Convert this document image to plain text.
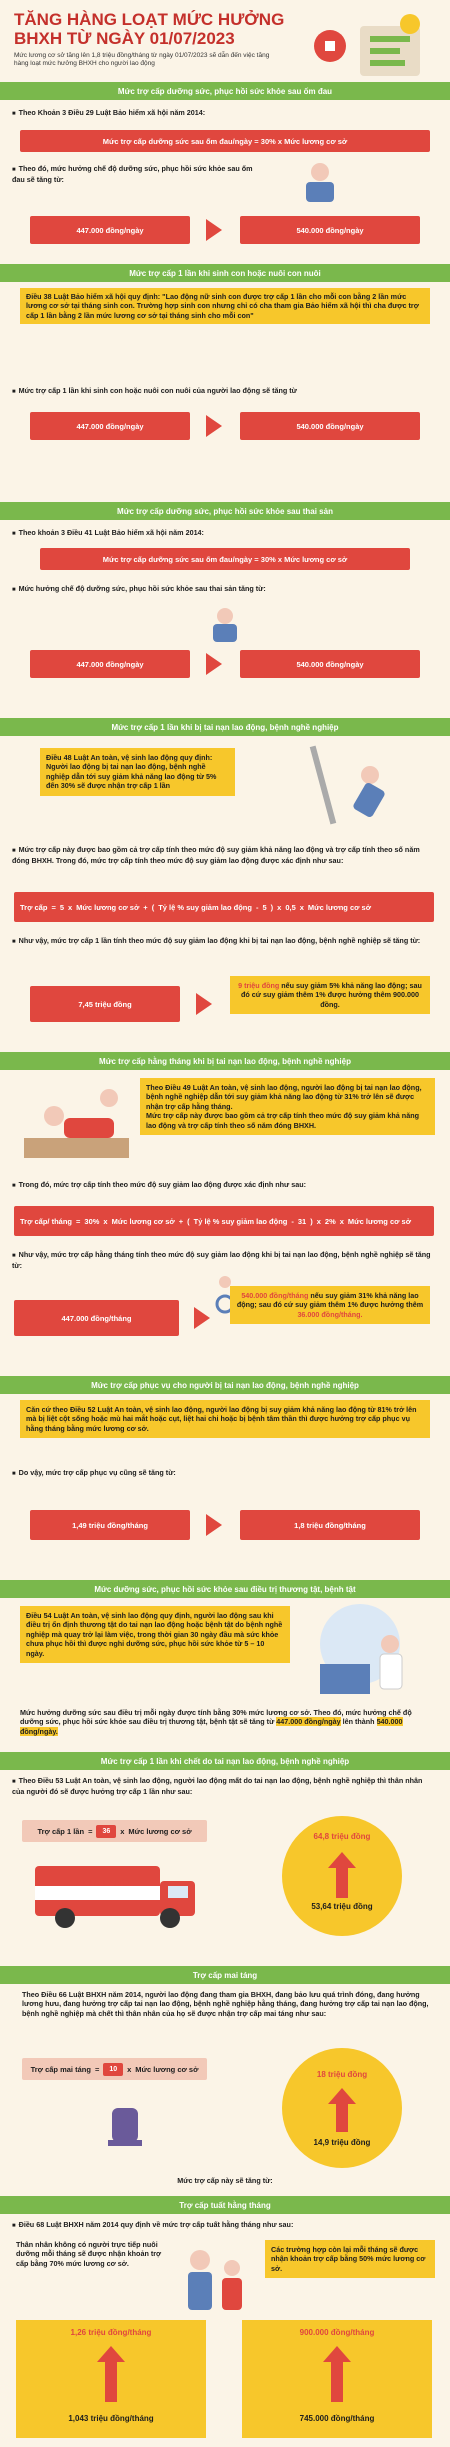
TĂNG HÀNG LOẠT MỨC HƯỞNG BHXH TỪ NGÀY 01/07/2023
Mức lương cơ sở tăng lên 1,8 triệu đồng/tháng từ ngày 01/07/2023 sẽ dẫn đến việc tăng hàng loạt mức hưởng BHXH cho người lao động
Mức trợ cấp dưỡng sức, phục hồi sức khỏe sau ốm đau
■ Theo Khoản 3 Điều 29 Luật Bảo hiểm xã hội năm 2014:
Mức trợ cấp dưỡng sức sau ốm đau/ngày = 30% x Mức lương cơ sở
■ Theo đó, mức hưởng chế độ dưỡng sức, phục hồi sức khỏe sau ốm đau sẽ tăng từ:
447.000 đồng/ngày	540.000 đồng/ngày
Mức trợ cấp 1 lần khi sinh con hoặc nuôi con nuôi
Điều 38 Luật Bảo hiểm xã hội quy định: "Lao động nữ sinh con được trợ cấp 1 lần cho mỗi con bằng 2 lần mức lương cơ sở tại tháng sinh con. Trường hợp sinh con nhưng chỉ có cha tham gia Bảo hiểm xã hội thì cha được trợ cấp 1 lần bằng 2 lần mức lương cơ sở tại tháng sinh cho mỗi con"
■ Mức trợ cấp 1 lần khi sinh con hoặc nuôi con nuôi của người lao động sẽ tăng từ
447.000 đồng/ngày	540.000 đồng/ngày
Mức trợ cấp dưỡng sức, phục hồi sức khỏe sau thai sản
■ Theo khoản 3 Điều 41 Luật Bảo hiểm xã hội năm 2014:
Mức trợ cấp dưỡng sức sau ốm đau/ngày = 30% x Mức lương cơ sở
■ Mức hưởng chế độ dưỡng sức, phục hồi sức khỏe sau thai sản tăng từ:
447.000 đồng/ngày	540.000 đồng/ngày
Mức trợ cấp 1 lần khi bị tai nạn lao động, bệnh nghề nghiệp
Điều 48 Luật An toàn, vệ sinh lao động quy định: Người lao động bị tai nạn lao động, bệnh nghề nghiệp dẫn tới suy giảm khả năng lao động từ 5% đến 30% sẽ được nhận trợ cấp 1 lần
■ Mức trợ cấp này được bao gồm cả trợ cấp tính theo mức độ suy giảm khả năng lao động và trợ cấp tính theo số năm đóng BHXH. Trong đó, mức trợ cấp tính theo mức độ suy giảm lao động được xác định như sau:
Trợ cấp = 5 x Mức lương cơ sở + ( Tỷ lệ % suy giảm lao động - 5 ) x 0,5 x Mức lương cơ sở
■ Như vậy, mức trợ cấp 1 lần tính theo mức độ suy giảm lao động khi bị tai nạn lao động, bệnh nghề nghiệp sẽ tăng từ:
7,45 triệu đồng
9 triệu đồng nếu suy giảm 5% khả năng lao động; sau đó cứ suy giảm thêm 1% được hưởng thêm 900.000 đồng.
Mức trợ cấp hằng tháng khi bị tai nạn lao động, bệnh nghề nghiệp
Theo Điều 49 Luật An toàn, vệ sinh lao động, người lao động bị tai nạn lao động, bệnh nghề nghiệp dẫn tới suy giảm khả năng lao động từ 31% trở lên sẽ được nhận trợ cấp hằng tháng.
Mức trợ cấp này được bao gồm cả trợ cấp tính theo mức độ suy giảm khả năng lao động và trợ cấp tính theo số năm đóng BHXH.
■ Trong đó, mức trợ cấp tính theo mức độ suy giảm lao động được xác định như sau:
Trợ cấp/ tháng = 30% x Mức lương cơ sở + ( Tỷ lệ % suy giảm lao động - 31 ) x 2% x Mức lương cơ sở
■ Như vậy, mức trợ cấp hằng tháng tính theo mức độ suy giảm lao động khi bị tai nạn lao động, bệnh nghề nghiệp sẽ tăng từ:
447.000 đồng/tháng
540.000 đồng/tháng nếu suy giảm 31% khả năng lao động; sau đó cứ suy giảm thêm 1% được hưởng thêm 36.000 đồng/tháng.
Mức trợ cấp phục vụ cho người bị tai nạn lao động, bệnh nghề nghiệp
Căn cứ theo Điều 52 Luật An toàn, vệ sinh lao động, người lao động bị suy giảm khả năng lao động từ 81% trở lên mà bị liệt cột sống hoặc mù hai mắt hoặc cụt, liệt hai chi hoặc bị bệnh tâm thần thì được hưởng trợ cấp phục vụ hằng tháng bằng mức lương cơ sở.
■ Do vậy, mức trợ cấp phục vụ cũng sẽ tăng từ:
1,49 triệu đồng/tháng	1,8 triệu đồng/tháng
Mức dưỡng sức, phục hồi sức khỏe sau điều trị thương tật, bệnh tật
Điều 54 Luật An toàn, vệ sinh lao động quy định, người lao động sau khi điều trị ổn định thương tật do tai nạn lao động hoặc bệnh tật do bệnh nghề nghiệp mà quay trở lại làm việc, trong thời gian 30 ngày đầu mà sức khỏe chưa phục hồi thì được nghỉ dưỡng sức, phục hồi sức khỏe từ 5 – 10 ngày.
Mức hưởng dưỡng sức sau điều trị mỗi ngày được tính bằng 30% mức lương cơ sở. Theo đó, mức hưởng chế độ dưỡng sức, phục hồi sức khỏe sau điều trị thương tật, bệnh tật sẽ tăng từ 447.000 đồng/ngày lên thành 540.000 đồng/ngày.
Mức trợ cấp 1 lần khi chết do tai nạn lao động, bệnh nghề nghiệp
■ Theo Điều 53 Luật An toàn, vệ sinh lao động, người lao động mất do tai nạn lao động, bệnh nghề nghiệp thì thân nhân của người đó sẽ được hưởng trợ cấp 1 lần như sau:
Trợ cấp 1 lần =	36	x Mức lương cơ sở
AMBULANCE
64,8 triệu đồng
53,64 triệu đồng
Trợ cấp mai táng
Theo Điều 66 Luật BHXH năm 2014, người lao động đang tham gia BHXH, đang bảo lưu quá trình đóng, đang hưởng lương hưu, đang hưởng trợ cấp tai nạn lao động, bệnh nghề nghiệp hằng tháng, đang hưởng trợ cấp tai nạn lao động, bệnh nghề nghiệp mà chết thì thân nhân của họ sẽ được nhận trợ cấp mai táng như sau:
Trợ cấp mai táng =	10	x Mức lương cơ sở
18 triệu đồng
14,9 triệu đồng
Mức trợ cấp này sẽ tăng từ:
Trợ cấp tuất hằng tháng
■ Điều 68 Luật BHXH năm 2014 quy định về mức trợ cấp tuất hằng tháng như sau:
Thân nhân không có người trực tiếp nuôi dưỡng mỗi tháng sẽ được nhận khoản trợ cấp bằng 70% mức lương cơ sở.
Các trường hợp còn lại mỗi tháng sẽ được nhận khoản trợ cấp bằng 50% mức lương cơ sở.
1,26 triệu đồng/tháng
1,043 triệu đồng/tháng
900.000 đồng/tháng
745.000 đồng/tháng
